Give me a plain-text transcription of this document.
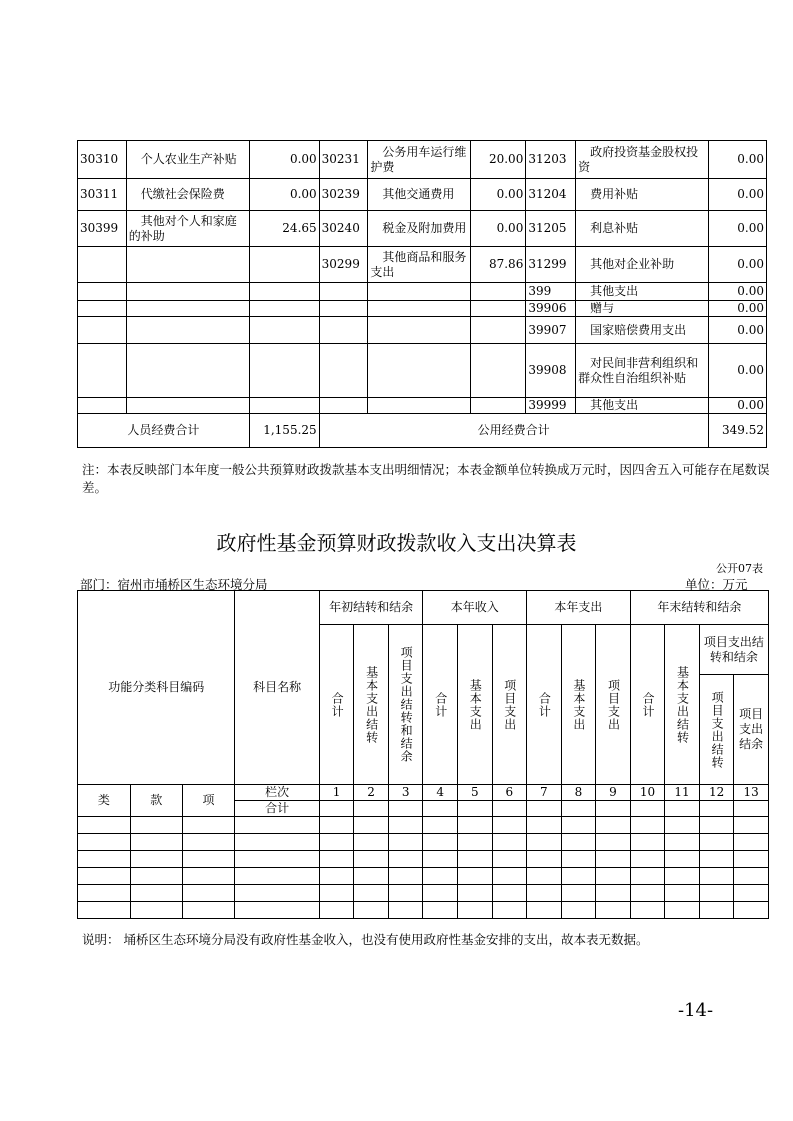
30310	个人农业生产补贴	0.00	30231	公务用车运行维护费	20.00	31203	政府投资基金股权投资	0.00
30311	代缴社会保险费	0.00	30239	其他交通费用	0.00	31204	费用补贴	0.00
30399	其他对个人和家庭的补助	24.65	30240	税金及附加费用	0.00	31205	利息补贴	0.00
			30299	其他商品和服务支出	87.86	31299	其他对企业补助	0.00
						399	其他支出	0.00
						39906	赠与	0.00
						39907	国家赔偿费用支出	0.00
						39908	对民间非营利组织和群众性自治组织补贴	0.00
						39999	其他支出	0.00
人员经费合计		1,155.25	公用经费合计					349.52
注：本表反映部门本年度一般公共预算财政拨款基本支出明细情况；本表金额单位转换成万元时，因四舍五入可能存在尾数误差。
政府性基金预算财政拨款收入支出决算表
公开07表
部门：宿州市埇桥区生态环境分局	单位：万元
功能分类科目编码			科目名称	年初结转和结余			本年收入			本年支出			年末结转和结余			

				合计	基本支出结转	项目支出结转和结余	合计	基本支出	项目支出	合计	基本支出	项目支出	合计	基本支出结转	项目支出结转和结余	

															项目支出结转	项目支出结余
类	款	项	栏次	1	2	3	4	5	6	7	8	9	10	11	12	13
			合计													

说明： 埇桥区生态环境分局没有政府性基金收入，也没有使用政府性基金安排的支出，故本表无数据。
-14-
